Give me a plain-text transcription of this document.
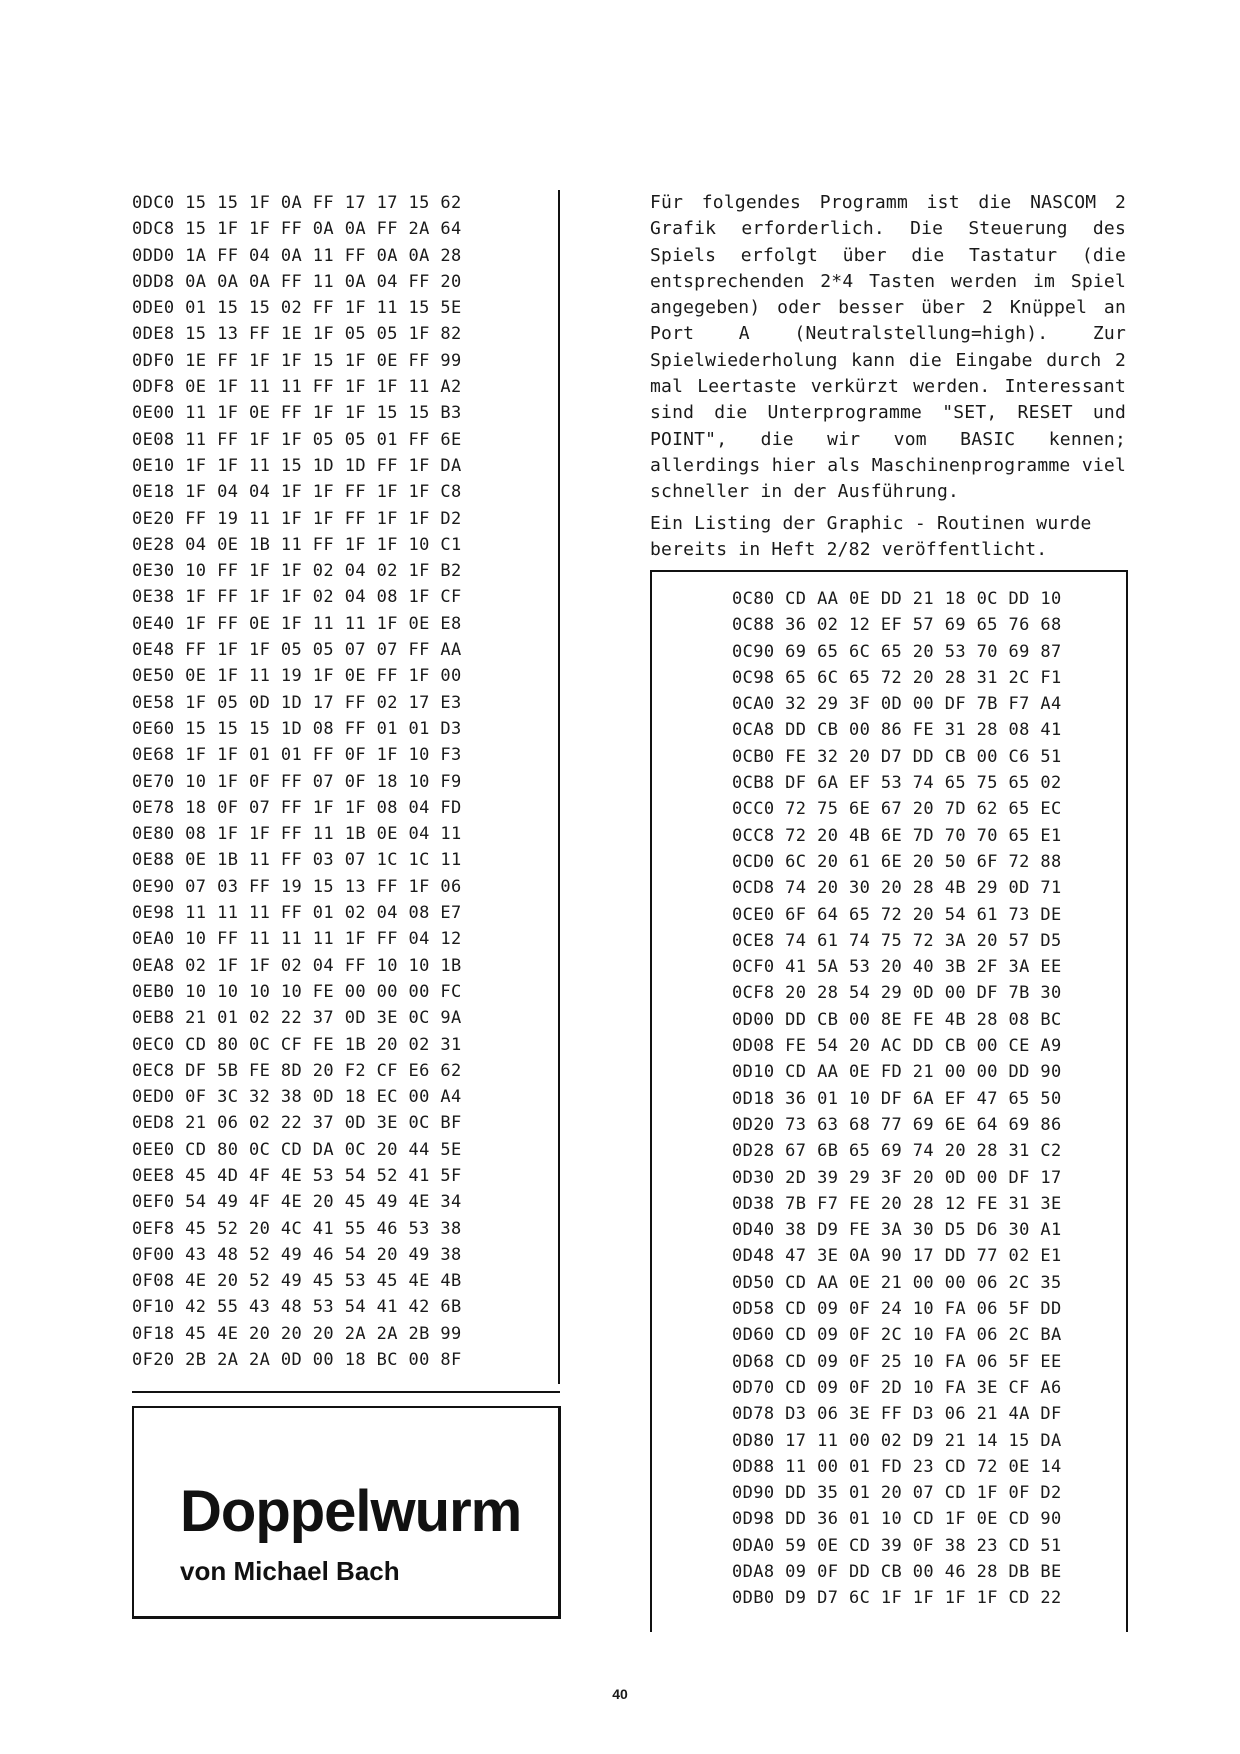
0DC0 15 15 1F 0A FF 17 17 15 62
0DC8 15 1F 1F FF 0A 0A FF 2A 64
0DD0 1A FF 04 0A 11 FF 0A 0A 28
0DD8 0A 0A 0A FF 11 0A 04 FF 20
0DE0 01 15 15 02 FF 1F 11 15 5E
0DE8 15 13 FF 1E 1F 05 05 1F 82
0DF0 1E FF 1F 1F 15 1F 0E FF 99
0DF8 0E 1F 11 11 FF 1F 1F 11 A2
0E00 11 1F 0E FF 1F 1F 15 15 B3
0E08 11 FF 1F 1F 05 05 01 FF 6E
0E10 1F 1F 11 15 1D 1D FF 1F DA
0E18 1F 04 04 1F 1F FF 1F 1F C8
0E20 FF 19 11 1F 1F FF 1F 1F D2
0E28 04 0E 1B 11 FF 1F 1F 10 C1
0E30 10 FF 1F 1F 02 04 02 1F B2
0E38 1F FF 1F 1F 02 04 08 1F CF
0E40 1F FF 0E 1F 11 11 1F 0E E8
0E48 FF 1F 1F 05 05 07 07 FF AA
0E50 0E 1F 11 19 1F 0E FF 1F 00
0E58 1F 05 0D 1D 17 FF 02 17 E3
0E60 15 15 15 1D 08 FF 01 01 D3
0E68 1F 1F 01 01 FF 0F 1F 10 F3
0E70 10 1F 0F FF 07 0F 18 10 F9
0E78 18 0F 07 FF 1F 1F 08 04 FD
0E80 08 1F 1F FF 11 1B 0E 04 11
0E88 0E 1B 11 FF 03 07 1C 1C 11
0E90 07 03 FF 19 15 13 FF 1F 06
0E98 11 11 11 FF 01 02 04 08 E7
0EA0 10 FF 11 11 11 1F FF 04 12
0EA8 02 1F 1F 02 04 FF 10 10 1B
0EB0 10 10 10 10 FE 00 00 00 FC
0EB8 21 01 02 22 37 0D 3E 0C 9A
0EC0 CD 80 0C CF FE 1B 20 02 31
0EC8 DF 5B FE 8D 20 F2 CF E6 62
0ED0 0F 3C 32 38 0D 18 EC 00 A4
0ED8 21 06 02 22 37 0D 3E 0C BF
0EE0 CD 80 0C CD DA 0C 20 44 5E
0EE8 45 4D 4F 4E 53 54 52 41 5F
0EF0 54 49 4F 4E 20 45 49 4E 34
0EF8 45 52 20 4C 41 55 46 53 38
0F00 43 48 52 49 46 54 20 49 38
0F08 4E 20 52 49 45 53 45 4E 4B
0F10 42 55 43 48 53 54 41 42 6B
0F18 45 4E 20 20 20 2A 2A 2B 99
0F20 2B 2A 2A 0D 00 18 BC 00 8F
Doppelwurm
von Michael Bach

Für folgendes Programm ist die NASCOM 2 Grafik erforderlich. Die Steuerung des Spiels erfolgt über die Tastatur (die entsprechenden 2*4 Tasten werden im Spiel angegeben) oder besser über 2 Knüppel an Port A (Neutralstellung=high). Zur Spielwiederholung kann die Eingabe durch 2 mal Leertaste verkürzt werden. Interessant sind die Unterprogramme "SET, RESET und POINT", die wir vom BASIC kennen; allerdings hier als Maschinenprogramme viel schneller in der Ausführung.

Ein Listing der Graphic - Routinen wurde bereits in Heft 2/82 veröffentlicht.

0C80 CD AA 0E DD 21 18 0C DD 10
0C88 36 02 12 EF 57 69 65 76 68
0C90 69 65 6C 65 20 53 70 69 87
0C98 65 6C 65 72 20 28 31 2C F1
0CA0 32 29 3F 0D 00 DF 7B F7 A4
0CA8 DD CB 00 86 FE 31 28 08 41
0CB0 FE 32 20 D7 DD CB 00 C6 51
0CB8 DF 6A EF 53 74 65 75 65 02
0CC0 72 75 6E 67 20 7D 62 65 EC
0CC8 72 20 4B 6E 7D 70 70 65 E1
0CD0 6C 20 61 6E 20 50 6F 72 88
0CD8 74 20 30 20 28 4B 29 0D 71
0CE0 6F 64 65 72 20 54 61 73 DE
0CE8 74 61 74 75 72 3A 20 57 D5
0CF0 41 5A 53 20 40 3B 2F 3A EE
0CF8 20 28 54 29 0D 00 DF 7B 30
0D00 DD CB 00 8E FE 4B 28 08 BC
0D08 FE 54 20 AC DD CB 00 CE A9
0D10 CD AA 0E FD 21 00 00 DD 90
0D18 36 01 10 DF 6A EF 47 65 50
0D20 73 63 68 77 69 6E 64 69 86
0D28 67 6B 65 69 74 20 28 31 C2
0D30 2D 39 29 3F 20 0D 00 DF 17
0D38 7B F7 FE 20 28 12 FE 31 3E
0D40 38 D9 FE 3A 30 D5 D6 30 A1
0D48 47 3E 0A 90 17 DD 77 02 E1
0D50 CD AA 0E 21 00 00 06 2C 35
0D58 CD 09 0F 24 10 FA 06 5F DD
0D60 CD 09 0F 2C 10 FA 06 2C BA
0D68 CD 09 0F 25 10 FA 06 5F EE
0D70 CD 09 0F 2D 10 FA 3E CF A6
0D78 D3 06 3E FF D3 06 21 4A DF
0D80 17 11 00 02 D9 21 14 15 DA
0D88 11 00 01 FD 23 CD 72 0E 14
0D90 DD 35 01 20 07 CD 1F 0F D2
0D98 DD 36 01 10 CD 1F 0E CD 90
0DA0 59 0E CD 39 0F 38 23 CD 51
0DA8 09 0F DD CB 00 46 28 DB BE
0DB0 D9 D7 6C 1F 1F 1F 1F CD 22
40
